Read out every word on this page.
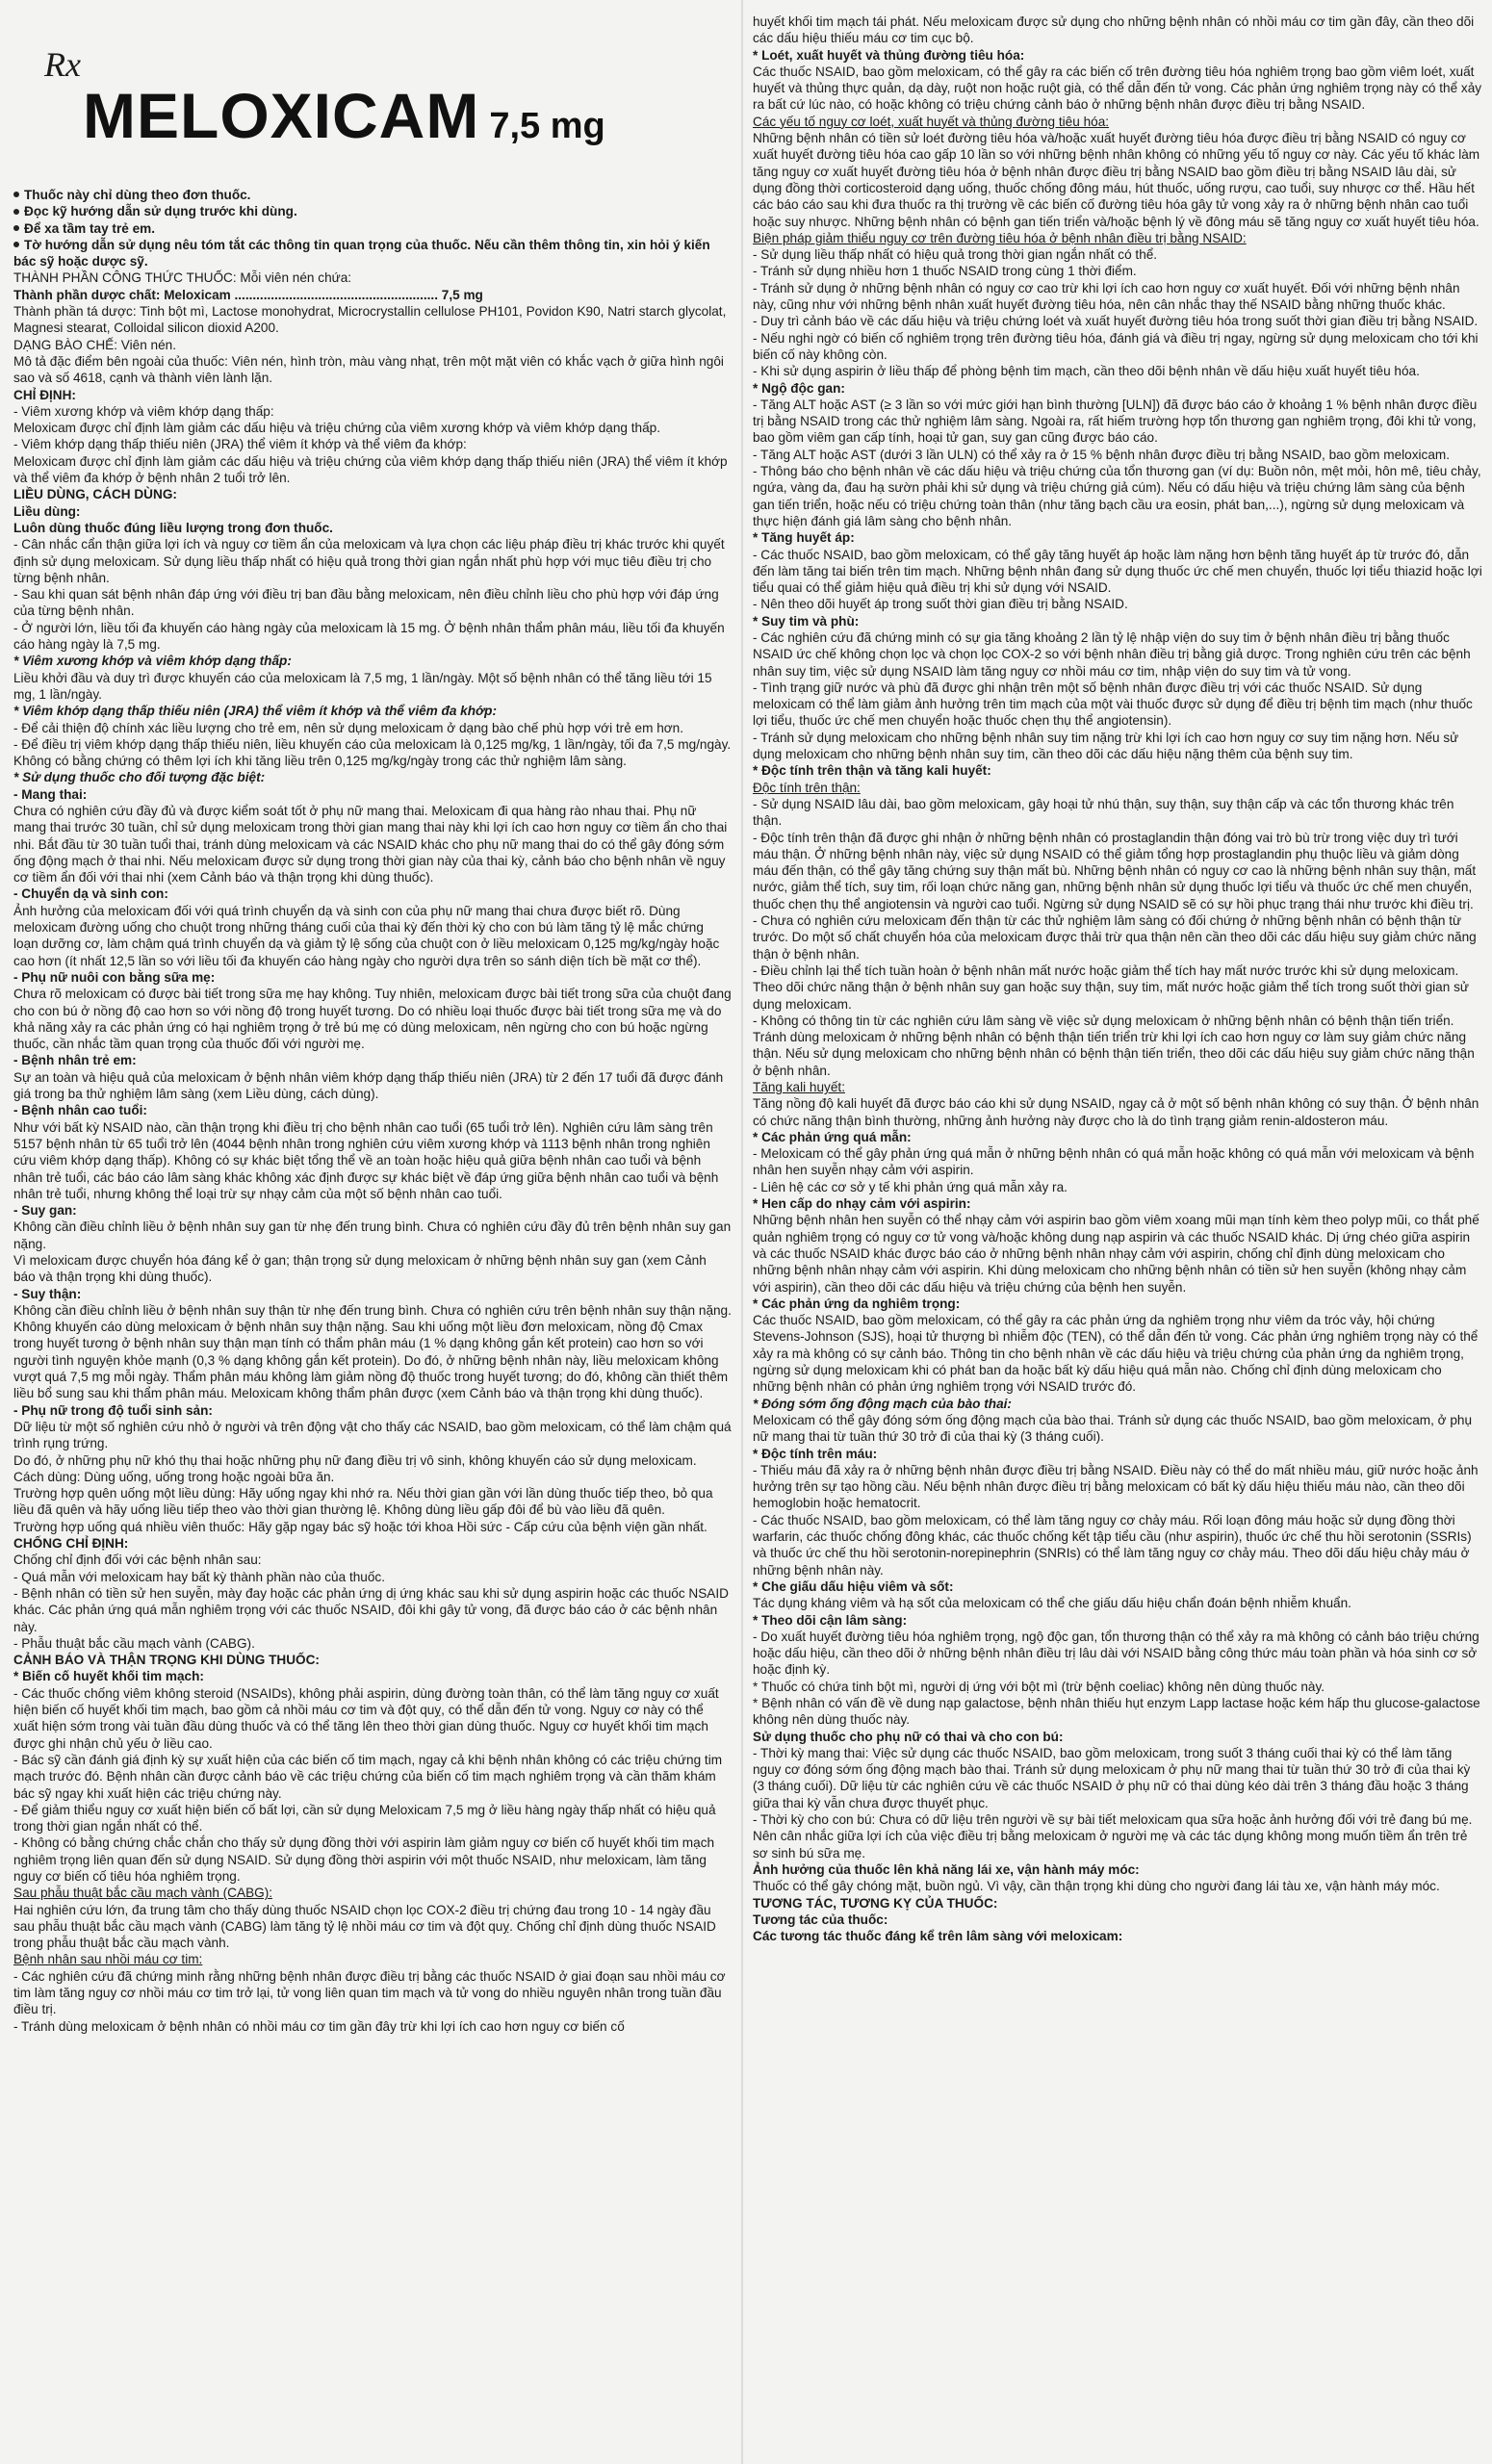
Rx
MELOXICAM 7,5 mg

Thuốc này chỉ dùng theo đơn thuốc.

Đọc kỹ hướng dẫn sử dụng trước khi dùng.

Để xa tầm tay trẻ em.

Tờ hướng dẫn sử dụng nêu tóm tắt các thông tin quan trọng của thuốc. Nếu cần thêm thông tin, xin hỏi ý kiến bác sỹ hoặc dược sỹ.

THÀNH PHẦN CÔNG THỨC THUỐC: Mỗi viên nén chứa:

Thành phần dược chất: Meloxicam ........................................................ 7,5 mg

Thành phần tá dược: Tinh bột mì, Lactose monohydrat, Microcrystallin cellulose PH101, Povidon K90, Natri starch glycolat, Magnesi stearat, Colloidal silicon dioxid A200.

DẠNG BÀO CHẾ: Viên nén.

Mô tả đặc điểm bên ngoài của thuốc: Viên nén, hình tròn, màu vàng nhạt, trên một mặt viên có khắc vạch ở giữa hình ngôi sao và số 4618, cạnh và thành viên lành lặn.

CHỈ ĐỊNH:

- Viêm xương khớp và viêm khớp dạng thấp:

Meloxicam được chỉ định làm giảm các dấu hiệu và triệu chứng của viêm xương khớp và viêm khớp dạng thấp.

- Viêm khớp dạng thấp thiếu niên (JRA) thể viêm ít khớp và thể viêm đa khớp:

Meloxicam được chỉ định làm giảm các dấu hiệu và triệu chứng của viêm khớp dạng thấp thiếu niên (JRA) thể viêm ít khớp và thể viêm đa khớp ở bệnh nhân 2 tuổi trở lên.

LIỀU DÙNG, CÁCH DÙNG:

Liều dùng:

Luôn dùng thuốc đúng liều lượng trong đơn thuốc.

- Cân nhắc cẩn thận giữa lợi ích và nguy cơ tiềm ẩn của meloxicam và lựa chọn các liệu pháp điều trị khác trước khi quyết định sử dụng meloxicam. Sử dụng liều thấp nhất có hiệu quả trong thời gian ngắn nhất phù hợp với mục tiêu điều trị cho từng bệnh nhân.

- Sau khi quan sát bệnh nhân đáp ứng với điều trị ban đầu bằng meloxicam, nên điều chỉnh liều cho phù hợp với đáp ứng của từng bệnh nhân.

- Ở người lớn, liều tối đa khuyến cáo hàng ngày của meloxicam là 15 mg. Ở bệnh nhân thẩm phân máu, liều tối đa khuyến cáo hàng ngày là 7,5 mg.

* Viêm xương khớp và viêm khớp dạng thấp:

Liều khởi đầu và duy trì được khuyến cáo của meloxicam là 7,5 mg, 1 lần/ngày. Một số bệnh nhân có thể tăng liều tới 15 mg, 1 lần/ngày.

* Viêm khớp dạng thấp thiếu niên (JRA) thể viêm ít khớp và thể viêm đa khớp:

- Để cải thiện độ chính xác liều lượng cho trẻ em, nên sử dụng meloxicam ở dạng bào chế phù hợp với trẻ em hơn.

- Để điều trị viêm khớp dạng thấp thiếu niên, liều khuyến cáo của meloxicam là 0,125 mg/kg, 1 lần/ngày, tối đa 7,5 mg/ngày. Không có bằng chứng có thêm lợi ích khi tăng liều trên 0,125 mg/kg/ngày trong các thử nghiệm lâm sàng.

* Sử dụng thuốc cho đối tượng đặc biệt:

- Mang thai:

Chưa có nghiên cứu đầy đủ và được kiểm soát tốt ở phụ nữ mang thai. Meloxicam đi qua hàng rào nhau thai. Phụ nữ mang thai trước 30 tuần, chỉ sử dụng meloxicam trong thời gian mang thai này khi lợi ích cao hơn nguy cơ tiềm ẩn cho thai nhi. Bắt đầu từ 30 tuần tuổi thai, tránh dùng meloxicam và các NSAID khác cho phụ nữ mang thai do có thể gây đóng sớm ống động mạch ở thai nhi. Nếu meloxicam được sử dụng trong thời gian này của thai kỳ, cảnh báo cho bệnh nhân về nguy cơ tiềm ẩn đối với thai nhi (xem Cảnh báo và thận trọng khi dùng thuốc).

- Chuyển dạ và sinh con:

Ảnh hưởng của meloxicam đối với quá trình chuyển dạ và sinh con của phụ nữ mang thai chưa được biết rõ. Dùng meloxicam đường uống cho chuột trong những tháng cuối của thai kỳ đến thời kỳ cho con bú làm tăng tỷ lệ mắc chứng loạn dưỡng cơ, làm chậm quá trình chuyển dạ và giảm tỷ lệ sống của chuột con ở liều meloxicam 0,125 mg/kg/ngày hoặc cao hơn (ít nhất 12,5 lần so với liều tối đa khuyến cáo hàng ngày cho người dựa trên so sánh diện tích bề mặt cơ thể).

- Phụ nữ nuôi con bằng sữa mẹ:

Chưa rõ meloxicam có được bài tiết trong sữa mẹ hay không. Tuy nhiên, meloxicam được bài tiết trong sữa của chuột đang cho con bú ở nồng độ cao hơn so với nồng độ trong huyết tương. Do có nhiều loại thuốc được bài tiết trong sữa mẹ và do khả năng xảy ra các phản ứng có hại nghiêm trọng ở trẻ bú mẹ có dùng meloxicam, nên ngừng cho con bú hoặc ngừng thuốc, cần nhắc tầm quan trọng của thuốc đối với người mẹ.

- Bệnh nhân trẻ em:

Sự an toàn và hiệu quả của meloxicam ở bệnh nhân viêm khớp dạng thấp thiếu niên (JRA) từ 2 đến 17 tuổi đã được đánh giá trong ba thử nghiệm lâm sàng (xem Liều dùng, cách dùng).

- Bệnh nhân cao tuổi:

Như với bất kỳ NSAID nào, cần thận trọng khi điều trị cho bệnh nhân cao tuổi (65 tuổi trở lên). Nghiên cứu lâm sàng trên 5157 bệnh nhân từ 65 tuổi trở lên (4044 bệnh nhân trong nghiên cứu viêm xương khớp và 1113 bệnh nhân trong nghiên cứu viêm khớp dạng thấp). Không có sự khác biệt tổng thể về an toàn hoặc hiệu quả giữa bệnh nhân cao tuổi và bệnh nhân trẻ tuổi, các báo cáo lâm sàng khác không xác định được sự khác biệt về đáp ứng giữa bệnh nhân cao tuổi và bệnh nhân trẻ tuổi, nhưng không thể loại trừ sự nhạy cảm của một số bệnh nhân cao tuổi.

- Suy gan:

Không cần điều chỉnh liều ở bệnh nhân suy gan từ nhẹ đến trung bình. Chưa có nghiên cứu đầy đủ trên bệnh nhân suy gan nặng.

Vì meloxicam được chuyển hóa đáng kể ở gan; thận trọng sử dụng meloxicam ở những bệnh nhân suy gan (xem Cảnh báo và thận trọng khi dùng thuốc).

- Suy thận:

Không cần điều chỉnh liều ở bệnh nhân suy thận từ nhẹ đến trung bình. Chưa có nghiên cứu trên bệnh nhân suy thận nặng. Không khuyến cáo dùng meloxicam ở bệnh nhân suy thận nặng. Sau khi uống một liều đơn meloxicam, nồng độ Cmax trong huyết tương ở bệnh nhân suy thận mạn tính có thẩm phân máu (1 % dạng không gắn kết protein) cao hơn so với người tình nguyện khỏe mạnh (0,3 % dạng không gắn kết protein). Do đó, ở những bệnh nhân này, liều meloxicam không vượt quá 7,5 mg mỗi ngày. Thẩm phân máu không làm giảm nồng độ thuốc trong huyết tương; do đó, không cần thiết thêm liều bổ sung sau khi thẩm phân máu. Meloxicam không thẩm phân được (xem Cảnh báo và thận trọng khi dùng thuốc).

- Phụ nữ trong độ tuổi sinh sản:

Dữ liệu từ một số nghiên cứu nhỏ ở người và trên động vật cho thấy các NSAID, bao gồm meloxicam, có thể làm chậm quá trình rụng trứng.

Do đó, ở những phụ nữ khó thụ thai hoặc những phụ nữ đang điều trị vô sinh, không khuyến cáo sử dụng meloxicam.

Cách dùng: Dùng uống, uống trong hoặc ngoài bữa ăn.

Trường hợp quên uống một liều dùng: Hãy uống ngay khi nhớ ra. Nếu thời gian gần với lần dùng thuốc tiếp theo, bỏ qua liều đã quên và hãy uống liều tiếp theo vào thời gian thường lệ. Không dùng liều gấp đôi để bù vào liều đã quên.

Trường hợp uống quá nhiều viên thuốc: Hãy gặp ngay bác sỹ hoặc tới khoa Hồi sức - Cấp cứu của bệnh viện gần nhất.

CHỐNG CHỈ ĐỊNH:

Chống chỉ định đối với các bệnh nhân sau:

- Quá mẫn với meloxicam hay bất kỳ thành phần nào của thuốc.

- Bệnh nhân có tiền sử hen suyễn, mày đay hoặc các phản ứng dị ứng khác sau khi sử dụng aspirin hoặc các thuốc NSAID khác. Các phản ứng quá mẫn nghiêm trọng với các thuốc NSAID, đôi khi gây tử vong, đã được báo cáo ở các bệnh nhân này.

- Phẫu thuật bắc cầu mạch vành (CABG).

CẢNH BÁO VÀ THẬN TRỌNG KHI DÙNG THUỐC:

* Biến cố huyết khối tim mạch:

- Các thuốc chống viêm không steroid (NSAIDs), không phải aspirin, dùng đường toàn thân, có thể làm tăng nguy cơ xuất hiện biến cố huyết khối tim mạch, bao gồm cả nhồi máu cơ tim và đột quỵ, có thể dẫn đến tử vong. Nguy cơ này có thể xuất hiện sớm trong vài tuần đầu dùng thuốc và có thể tăng lên theo thời gian dùng thuốc. Nguy cơ huyết khối tim mạch được ghi nhận chủ yếu ở liều cao.

- Bác sỹ cần đánh giá định kỳ sự xuất hiện của các biến cố tim mạch, ngay cả khi bệnh nhân không có các triệu chứng tim mạch trước đó. Bệnh nhân cần được cảnh báo về các triệu chứng của biến cố tim mạch nghiêm trọng và cần thăm khám bác sỹ ngay khi xuất hiện các triệu chứng này.

- Để giảm thiểu nguy cơ xuất hiện biến cố bất lợi, cần sử dụng Meloxicam 7,5 mg ở liều hàng ngày thấp nhất có hiệu quả trong thời gian ngắn nhất có thể.

- Không có bằng chứng chắc chắn cho thấy sử dụng đồng thời với aspirin làm giảm nguy cơ biến cố huyết khối tim mạch nghiêm trọng liên quan đến sử dụng NSAID. Sử dụng đồng thời aspirin với một thuốc NSAID, như meloxicam, làm tăng nguy cơ biến cố tiêu hóa nghiêm trọng.

Sau phẫu thuật bắc cầu mạch vành (CABG):

Hai nghiên cứu lớn, đa trung tâm cho thấy dùng thuốc NSAID chọn lọc COX-2 điều trị chứng đau trong 10 - 14 ngày đầu sau phẫu thuật bắc cầu mạch vành (CABG) làm tăng tỷ lệ nhồi máu cơ tim và đột quỵ. Chống chỉ định dùng thuốc NSAID trong phẫu thuật bắc cầu mạch vành.

Bệnh nhân sau nhồi máu cơ tim:

- Các nghiên cứu đã chứng minh rằng những bệnh nhân được điều trị bằng các thuốc NSAID ở giai đoạn sau nhồi máu cơ tim làm tăng nguy cơ nhồi máu cơ tim trở lại, tử vong liên quan tim mạch và tử vong do nhiều nguyên nhân trong tuần đầu điều trị.

- Tránh dùng meloxicam ở bệnh nhân có nhồi máu cơ tim gần đây trừ khi lợi ích cao hơn nguy cơ biến cố

huyết khối tim mạch tái phát. Nếu meloxicam được sử dụng cho những bệnh nhân có nhồi máu cơ tim gần đây, cần theo dõi các dấu hiệu thiếu máu cơ tim cục bộ.

* Loét, xuất huyết và thủng đường tiêu hóa:

Các thuốc NSAID, bao gồm meloxicam, có thể gây ra các biến cố trên đường tiêu hóa nghiêm trọng bao gồm viêm loét, xuất huyết và thủng thực quản, dạ dày, ruột non hoặc ruột già, có thể dẫn đến tử vong. Các phản ứng nghiêm trọng này có thể xảy ra bất cứ lúc nào, có hoặc không có triệu chứng cảnh báo ở những bệnh nhân được điều trị bằng NSAID.

Các yếu tố nguy cơ loét, xuất huyết và thủng đường tiêu hóa:

Những bệnh nhân có tiền sử loét đường tiêu hóa và/hoặc xuất huyết đường tiêu hóa được điều trị bằng NSAID có nguy cơ xuất huyết đường tiêu hóa cao gấp 10 lần so với những bệnh nhân không có những yếu tố nguy cơ này. Các yếu tố khác làm tăng nguy cơ xuất huyết đường tiêu hóa ở bệnh nhân được điều trị bằng NSAID bao gồm điều trị bằng NSAID lâu dài, sử dụng đồng thời corticosteroid dạng uống, thuốc chống đông máu, hút thuốc, uống rượu, cao tuổi, suy nhược cơ thể. Hầu hết các báo cáo sau khi đưa thuốc ra thị trường về các biến cố đường tiêu hóa gây tử vong xảy ra ở những bệnh nhân cao tuổi hoặc suy nhược. Những bệnh nhân có bệnh gan tiến triển và/hoặc bệnh lý về đông máu sẽ tăng nguy cơ xuất huyết tiêu hóa.

Biện pháp giảm thiểu nguy cơ trên đường tiêu hóa ở bệnh nhân điều trị bằng NSAID:

- Sử dụng liều thấp nhất có hiệu quả trong thời gian ngắn nhất có thể.

- Tránh sử dụng nhiều hơn 1 thuốc NSAID trong cùng 1 thời điểm.

- Tránh sử dụng ở những bệnh nhân có nguy cơ cao trừ khi lợi ích cao hơn nguy cơ xuất huyết. Đối với những bệnh nhân này, cũng như với những bệnh nhân xuất huyết đường tiêu hóa, nên cân nhắc thay thế NSAID bằng những thuốc khác.

- Duy trì cảnh báo về các dấu hiệu và triệu chứng loét và xuất huyết đường tiêu hóa trong suốt thời gian điều trị bằng NSAID.

- Nếu nghi ngờ có biến cố nghiêm trọng trên đường tiêu hóa, đánh giá và điều trị ngay, ngừng sử dụng meloxicam cho tới khi biến cố này không còn.

- Khi sử dụng aspirin ở liều thấp để phòng bệnh tim mạch, cần theo dõi bệnh nhân về dấu hiệu xuất huyết tiêu hóa.

* Ngộ độc gan:

- Tăng ALT hoặc AST (≥ 3 lần so với mức giới hạn bình thường [ULN]) đã được báo cáo ở khoảng 1 % bệnh nhân được điều trị bằng NSAID trong các thử nghiệm lâm sàng. Ngoài ra, rất hiếm trường hợp tổn thương gan nghiêm trọng, đôi khi tử vong, bao gồm viêm gan cấp tính, hoại tử gan, suy gan cũng được báo cáo.

- Tăng ALT hoặc AST (dưới 3 lần ULN) có thể xảy ra ở 15 % bệnh nhân được điều trị bằng NSAID, bao gồm meloxicam.

- Thông báo cho bệnh nhân về các dấu hiệu và triệu chứng của tổn thương gan (ví dụ: Buồn nôn, mệt mỏi, hôn mê, tiêu chảy, ngứa, vàng da, đau hạ sườn phải khi sử dụng và triệu chứng giả cúm). Nếu có dấu hiệu và triệu chứng lâm sàng của bệnh gan tiến triển, hoặc nếu có triệu chứng toàn thân (như tăng bạch cầu ưa eosin, phát ban,...), ngừng sử dụng meloxicam và thực hiện đánh giá lâm sàng cho bệnh nhân.

* Tăng huyết áp:

- Các thuốc NSAID, bao gồm meloxicam, có thể gây tăng huyết áp hoặc làm nặng hơn bệnh tăng huyết áp từ trước đó, dẫn đến làm tăng tai biến trên tim mạch. Những bệnh nhân đang sử dụng thuốc ức chế men chuyển, thuốc lợi tiểu thiazid hoặc lợi tiểu quai có thể giảm hiệu quả điều trị khi sử dụng với NSAID.

- Nên theo dõi huyết áp trong suốt thời gian điều trị bằng NSAID.

* Suy tim và phù:

- Các nghiên cứu đã chứng minh có sự gia tăng khoảng 2 lần tỷ lệ nhập viện do suy tim ở bệnh nhân điều trị bằng thuốc NSAID ức chế không chọn lọc và chọn lọc COX-2 so với bệnh nhân điều trị bằng giả dược. Trong nghiên cứu trên các bệnh nhân suy tim, việc sử dụng NSAID làm tăng nguy cơ nhồi máu cơ tim, nhập viện do suy tim và tử vong.

- Tình trạng giữ nước và phù đã được ghi nhận trên một số bệnh nhân được điều trị với các thuốc NSAID. Sử dụng meloxicam có thể làm giảm ảnh hưởng trên tim mạch của một vài thuốc được sử dụng để điều trị bệnh tim mạch (như thuốc lợi tiểu, thuốc ức chế men chuyển hoặc thuốc chẹn thụ thể angiotensin).

- Tránh sử dụng meloxicam cho những bệnh nhân suy tim nặng trừ khi lợi ích cao hơn nguy cơ suy tim nặng hơn. Nếu sử dụng meloxicam cho những bệnh nhân suy tim, cần theo dõi các dấu hiệu nặng thêm của bệnh suy tim.

* Độc tính trên thận và tăng kali huyết:

Độc tính trên thận:

- Sử dụng NSAID lâu dài, bao gồm meloxicam, gây hoại tử nhú thận, suy thận, suy thận cấp và các tổn thương khác trên thận.

- Độc tính trên thận đã được ghi nhận ở những bệnh nhân có prostaglandin thận đóng vai trò bù trừ trong việc duy trì tưới máu thận. Ở những bệnh nhân này, việc sử dụng NSAID có thể giảm tổng hợp prostaglandin phụ thuộc liều và giảm dòng máu đến thận, có thể gây tăng chứng suy thận mất bù. Những bệnh nhân có nguy cơ cao là những bệnh nhân suy thận, mất nước, giảm thể tích, suy tim, rối loạn chức năng gan, những bệnh nhân sử dụng thuốc lợi tiểu và thuốc ức chế men chuyển, thuốc chẹn thụ thể angiotensin và người cao tuổi. Ngừng sử dụng NSAID sẽ có sự hồi phục trạng thái như trước khi điều trị.

- Chưa có nghiên cứu meloxicam đến thận từ các thử nghiệm lâm sàng có đối chứng ở những bệnh nhân có bệnh thận từ trước. Do một số chất chuyển hóa của meloxicam được thải trừ qua thận nên cần theo dõi các dấu hiệu suy giảm chức năng thận ở bệnh nhân.

- Điều chỉnh lại thể tích tuần hoàn ở bệnh nhân mất nước hoặc giảm thể tích hay mất nước trước khi sử dụng meloxicam. Theo dõi chức năng thận ở bệnh nhân suy gan hoặc suy thận, suy tim, mất nước hoặc giảm thể tích trong suốt thời gian sử dụng meloxicam.

- Không có thông tin từ các nghiên cứu lâm sàng về việc sử dụng meloxicam ở những bệnh nhân có bệnh thận tiến triển. Tránh dùng meloxicam ở những bệnh nhân có bệnh thận tiến triển trừ khi lợi ích cao hơn nguy cơ làm suy giảm chức năng thận. Nếu sử dụng meloxicam cho những bệnh nhân có bệnh thận tiến triển, theo dõi các dấu hiệu suy giảm chức năng thận ở bệnh nhân.

Tăng kali huyết:

Tăng nồng độ kali huyết đã được báo cáo khi sử dụng NSAID, ngay cả ở một số bệnh nhân không có suy thận. Ở bệnh nhân có chức năng thận bình thường, những ảnh hưởng này được cho là do tình trạng giảm renin-aldosteron máu.

* Các phản ứng quá mẫn:

- Meloxicam có thể gây phản ứng quá mẫn ở những bệnh nhân có quá mẫn hoặc không có quá mẫn với meloxicam và bệnh nhân hen suyễn nhạy cảm với aspirin.

- Liên hệ các cơ sở y tế khi phản ứng quá mẫn xảy ra.

* Hen cấp do nhạy cảm với aspirin:

Những bệnh nhân hen suyễn có thể nhạy cảm với aspirin bao gồm viêm xoang mũi mạn tính kèm theo polyp mũi, co thắt phế quản nghiêm trọng có nguy cơ tử vong và/hoặc không dung nạp aspirin và các thuốc NSAID khác. Dị ứng chéo giữa aspirin và các thuốc NSAID khác được báo cáo ở những bệnh nhân nhạy cảm với aspirin, chống chỉ định dùng meloxicam cho những bệnh nhân nhạy cảm với aspirin. Khi dùng meloxicam cho những bệnh nhân có tiền sử hen suyễn (không nhạy cảm với aspirin), cần theo dõi các dấu hiệu và triệu chứng của bệnh hen suyễn.

* Các phản ứng da nghiêm trọng:

Các thuốc NSAID, bao gồm meloxicam, có thể gây ra các phản ứng da nghiêm trọng như viêm da tróc vảy, hội chứng Stevens-Johnson (SJS), hoại tử thượng bì nhiễm độc (TEN), có thể dẫn đến tử vong. Các phản ứng nghiêm trọng này có thể xảy ra mà không có sự cảnh báo. Thông tin cho bệnh nhân về các dấu hiệu và triệu chứng của phản ứng da nghiêm trọng, ngừng sử dụng meloxicam khi có phát ban da hoặc bất kỳ dấu hiệu quá mẫn nào. Chống chỉ định dùng meloxicam cho những bệnh nhân có phản ứng nghiêm trọng với NSAID trước đó.

* Đóng sớm ống động mạch của bào thai:

Meloxicam có thể gây đóng sớm ống động mạch của bào thai. Tránh sử dụng các thuốc NSAID, bao gồm meloxicam, ở phụ nữ mang thai từ tuần thứ 30 trở đi của thai kỳ (3 tháng cuối).

* Độc tính trên máu:

- Thiếu máu đã xảy ra ở những bệnh nhân được điều trị bằng NSAID. Điều này có thể do mất nhiều máu, giữ nước hoặc ảnh hưởng trên sự tạo hồng cầu. Nếu bệnh nhân được điều trị bằng meloxicam có bất kỳ dấu hiệu thiếu máu nào, cần theo dõi hemoglobin hoặc hematocrit.

- Các thuốc NSAID, bao gồm meloxicam, có thể làm tăng nguy cơ chảy máu. Rối loạn đông máu hoặc sử dụng đồng thời warfarin, các thuốc chống đông khác, các thuốc chống kết tập tiểu cầu (như aspirin), thuốc ức chế thu hồi serotonin (SSRIs) và thuốc ức chế thu hồi serotonin-norepinephrin (SNRIs) có thể làm tăng nguy cơ chảy máu. Theo dõi dấu hiệu chảy máu ở những bệnh nhân này.

* Che giấu dấu hiệu viêm và sốt:

Tác dụng kháng viêm và hạ sốt của meloxicam có thể che giấu dấu hiệu chẩn đoán bệnh nhiễm khuẩn.

* Theo dõi cận lâm sàng:

- Do xuất huyết đường tiêu hóa nghiêm trọng, ngộ độc gan, tổn thương thận có thể xảy ra mà không có cảnh báo triệu chứng hoặc dấu hiệu, cần theo dõi ở những bệnh nhân điều trị lâu dài với NSAID bằng công thức máu toàn phần và hóa sinh cơ sở hoặc định kỳ.

* Thuốc có chứa tinh bột mì, người dị ứng với bột mì (trừ bệnh coeliac) không nên dùng thuốc này.

* Bệnh nhân có vấn đề về dung nạp galactose, bệnh nhân thiếu hụt enzym Lapp lactase hoặc kém hấp thu glucose-galactose không nên dùng thuốc này.

Sử dụng thuốc cho phụ nữ có thai và cho con bú:

- Thời kỳ mang thai: Việc sử dụng các thuốc NSAID, bao gồm meloxicam, trong suốt 3 tháng cuối thai kỳ có thể làm tăng nguy cơ đóng sớm ống động mạch bào thai. Tránh sử dụng meloxicam ở phụ nữ mang thai từ tuần thứ 30 trở đi của thai kỳ (3 tháng cuối). Dữ liệu từ các nghiên cứu về các thuốc NSAID ở phụ nữ có thai dùng kéo dài trên 3 tháng đầu hoặc 3 tháng giữa thai kỳ vẫn chưa được thuyết phục.

- Thời kỳ cho con bú: Chưa có dữ liệu trên người về sự bài tiết meloxicam qua sữa hoặc ảnh hưởng đối với trẻ đang bú mẹ. Nên cân nhắc giữa lợi ích của việc điều trị bằng meloxicam ở người mẹ và các tác dụng không mong muốn tiềm ẩn trên trẻ sơ sinh bú sữa mẹ.

Ảnh hưởng của thuốc lên khả năng lái xe, vận hành máy móc:

Thuốc có thể gây chóng mặt, buồn ngủ. Vì vậy, cần thận trọng khi dùng cho người đang lái tàu xe, vận hành máy móc.

TƯƠNG TÁC, TƯƠNG KỴ CỦA THUỐC:

Tương tác của thuốc:

Các tương tác thuốc đáng kể trên lâm sàng với meloxicam:
